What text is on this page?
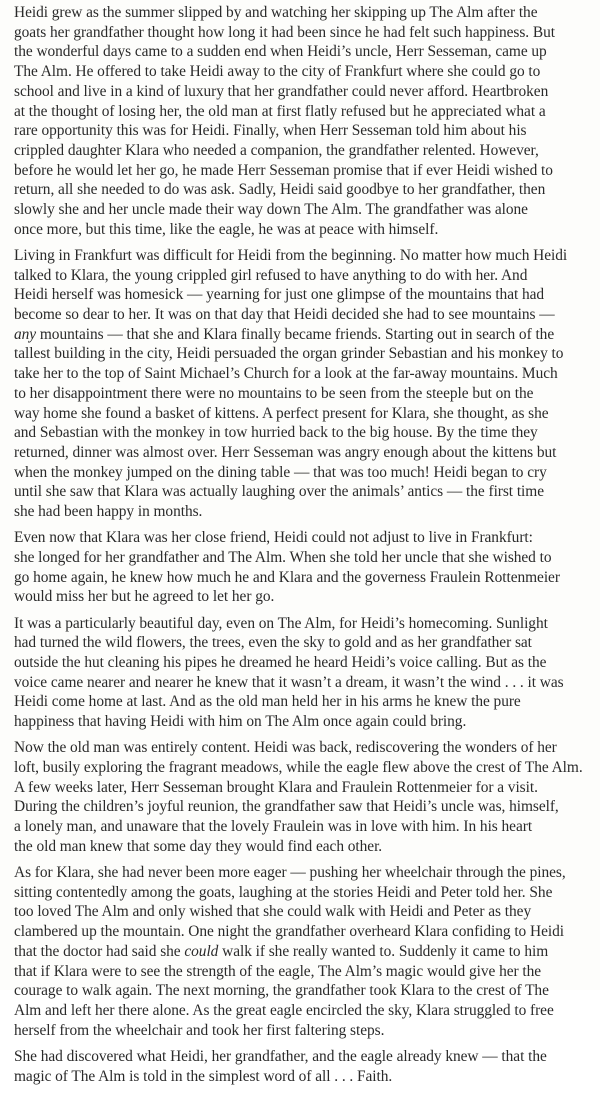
Heidi grew as the summer slipped by and watching her skipping up The Alm after the
goats her grandfather thought how long it had been since he had felt such happiness. But
the wonderful days came to a sudden end when Heidi’s uncle, Herr Sesseman, came up
The Alm. He offered to take Heidi away to the city of Frankfurt where she could go to
school and live in a kind of luxury that her grandfather could never afford. Heartbroken
at the thought of losing her, the old man at first flatly refused but he appreciated what a
rare opportunity this was for Heidi. Finally, when Herr Sesseman told him about his
crippled daughter Klara who needed a companion, the grandfather relented. However,
before he would let her go, he made Herr Sesseman promise that if ever Heidi wished to
return, all she needed to do was ask. Sadly, Heidi said goodbye to her grandfather, then
slowly she and her uncle made their way down The Alm. The grandfather was alone
once more, but this time, like the eagle, he was at peace with himself.
Living in Frankfurt was difficult for Heidi from the beginning. No matter how much Heidi
talked to Klara, the young crippled girl refused to have anything to do with her. And
Heidi herself was homesick — yearning for just one glimpse of the mountains that had
become so dear to her. It was on that day that Heidi decided she had to see mountains —
any mountains — that she and Klara finally became friends. Starting out in search of the
tallest building in the city, Heidi persuaded the organ grinder Sebastian and his monkey to
take her to the top of Saint Michael’s Church for a look at the far-away mountains. Much
to her disappointment there were no mountains to be seen from the steeple but on the
way home she found a basket of kittens. A perfect present for Klara, she thought, as she
and Sebastian with the monkey in tow hurried back to the big house. By the time they
returned, dinner was almost over. Herr Sesseman was angry enough about the kittens but
when the monkey jumped on the dining table — that was too much! Heidi began to cry
until she saw that Klara was actually laughing over the animals’ antics — the first time
she had been happy in months.
Even now that Klara was her close friend, Heidi could not adjust to live in Frankfurt:
she longed for her grandfather and The Alm. When she told her uncle that she wished to
go home again, he knew how much he and Klara and the governess Fraulein Rottenmeier
would miss her but he agreed to let her go.
It was a particularly beautiful day, even on The Alm, for Heidi’s homecoming. Sunlight
had turned the wild flowers, the trees, even the sky to gold and as her grandfather sat
outside the hut cleaning his pipes he dreamed he heard Heidi’s voice calling. But as the
voice came nearer and nearer he knew that it wasn’t a dream, it wasn’t the wind . . . it was
Heidi come home at last. And as the old man held her in his arms he knew the pure
happiness that having Heidi with him on The Alm once again could bring.
Now the old man was entirely content. Heidi was back, rediscovering the wonders of her
loft, busily exploring the fragrant meadows, while the eagle flew above the crest of The Alm.
A few weeks later, Herr Sesseman brought Klara and Fraulein Rottenmeier for a visit.
During the children’s joyful reunion, the grandfather saw that Heidi’s uncle was, himself,
a lonely man, and unaware that the lovely Fraulein was in love with him. In his heart
the old man knew that some day they would find each other.
As for Klara, she had never been more eager — pushing her wheelchair through the pines,
sitting contentedly among the goats, laughing at the stories Heidi and Peter told her. She
too loved The Alm and only wished that she could walk with Heidi and Peter as they
clambered up the mountain. One night the grandfather overheard Klara confiding to Heidi
that the doctor had said she could walk if she really wanted to. Suddenly it came to him
that if Klara were to see the strength of the eagle, The Alm’s magic would give her the
courage to walk again. The next morning, the grandfather took Klara to the crest of The
Alm and left her there alone. As the great eagle encircled the sky, Klara struggled to free
herself from the wheelchair and took her first faltering steps.
She had discovered what Heidi, her grandfather, and the eagle already knew — that the
magic of The Alm is told in the simplest word of all . . . Faith.
